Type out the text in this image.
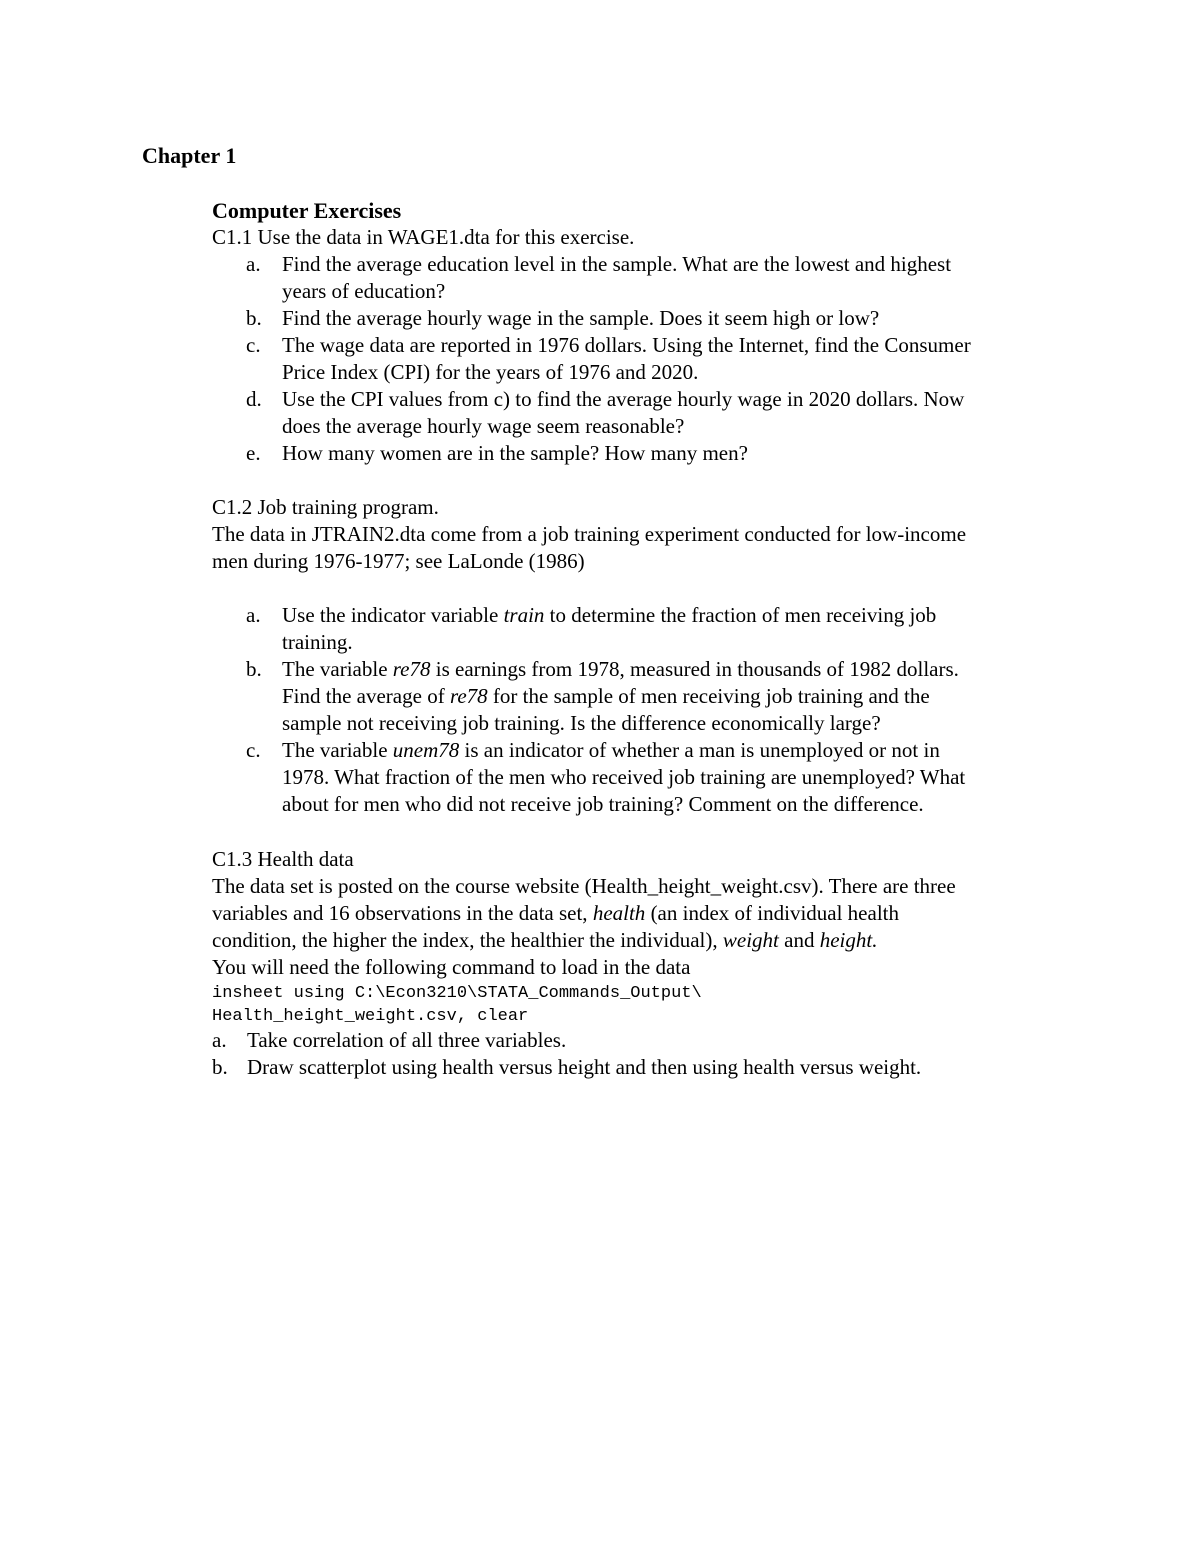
Chapter 1
Computer Exercises
C1.1 Use the data in WAGE1.dta for this exercise.
a. Find the average education level in the sample. What are the lowest and highest
years of education?
b. Find the average hourly wage in the sample. Does it seem high or low?
c. The wage data are reported in 1976 dollars. Using the Internet, find the Consumer
Price Index (CPI) for the years of 1976 and 2020.
d. Use the CPI values from c) to find the average hourly wage in 2020 dollars. Now
does the average hourly wage seem reasonable?
e. How many women are in the sample? How many men?
C1.2 Job training program.
The data in JTRAIN2.dta come from a job training experiment conducted for low-income
men during 1976-1977; see LaLonde (1986)
a. Use the indicator variable train to determine the fraction of men receiving job
training.
b. The variable re78 is earnings from 1978, measured in thousands of 1982 dollars.
Find the average of re78 for the sample of men receiving job training and the
sample not receiving job training. Is the difference economically large?
c. The variable unem78 is an indicator of whether a man is unemployed or not in
1978. What fraction of the men who received job training are unemployed? What
about for men who did not receive job training? Comment on the difference.
C1.3 Health data
The data set is posted on the course website (Health_height_weight.csv). There are three
variables and 16 observations in the data set, health (an index of individual health
condition, the higher the index, the healthier the individual), weight and height.
You will need the following command to load in the data
insheet using C:\Econ3210\STATA_Commands_Output\
Health_height_weight.csv, clear
a. Take correlation of all three variables.
b. Draw scatterplot using health versus height and then using health versus weight.
